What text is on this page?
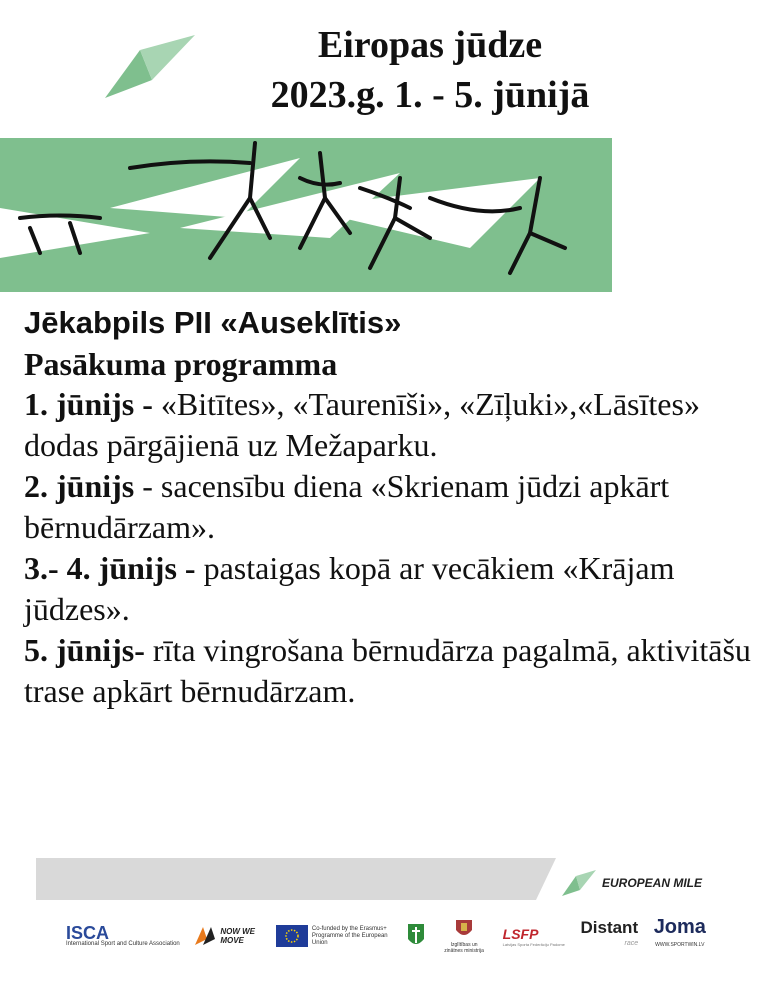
Eiropas jūdze
2023.g. 1. - 5. jūnijā
Jēkabpils PII «Auseklītis»
Pasākuma programma

1. jūnijs - «Bitītes», «Taurenīši», «Zīļuki»,«Lāsītes» dodas pārgājienā uz Mežaparku.

2. jūnijs - sacensību diena «Skrienam jūdzi apkārt bērnudārzam».

3.- 4. jūnijs - pastaigas kopā ar vecākiem «Krājam jūdzes».

5. jūnijs- rīta vingrošana bērnudārza pagalmā, aktivitāšu trase apkārt bērnudārzam.

EUROPEAN MILE
ISCA
International Sport and Culture Association
NOW WE MOVE
Co-funded by the Erasmus+ Programme of the European Union	Izglītības un zinātnes ministrija
LSFP
Latvijas Sporta Federāciju Padome
Distant
race
Joma
WWW.SPORTWIN.LV
